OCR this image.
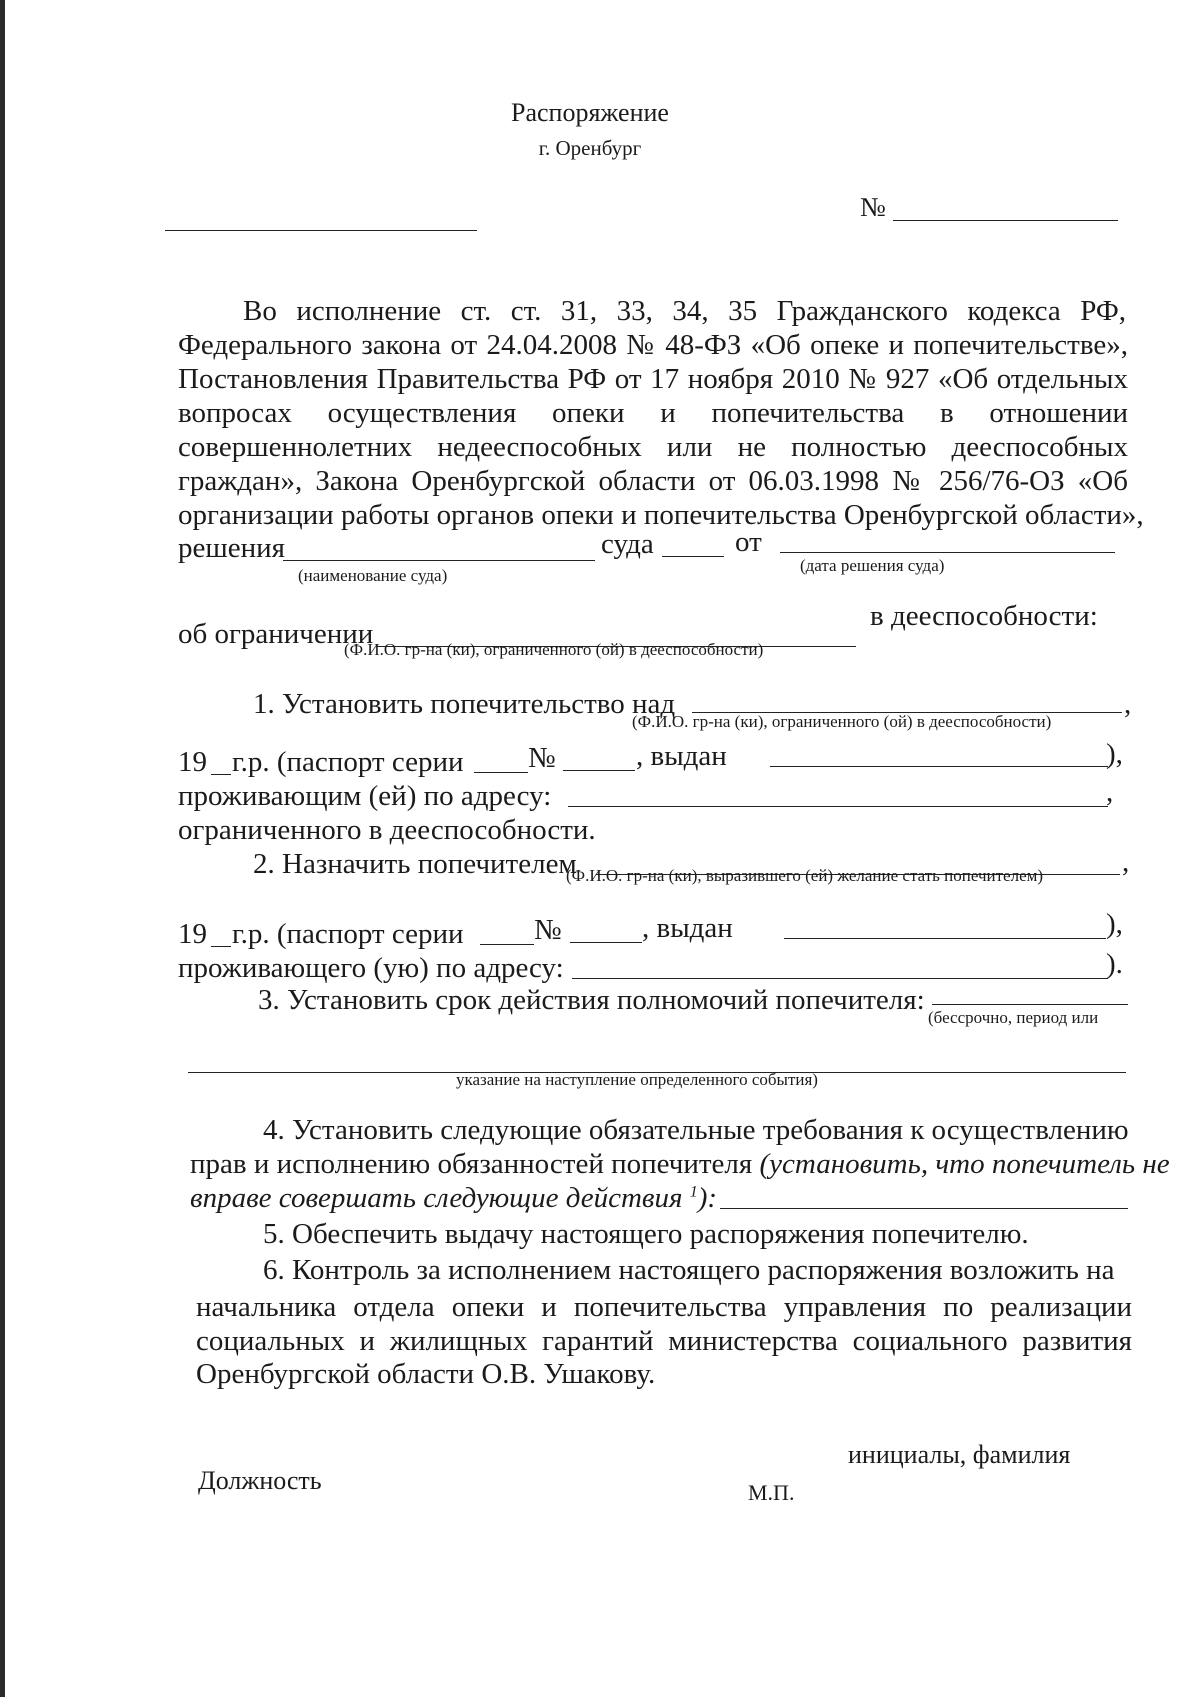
Распоряжение
г. Оренбург
№
Во исполнение ст. ст. 31, 33, 34, 35 Гражданского кодекса РФ,
Федерального закона от 24.04.2008 № 48-ФЗ «Об опеке и попечительстве»,
Постановления Правительства РФ от 17 ноября 2010 № 927 «Об отдельных
вопросах осуществления опеки и попечительства в отношении
совершеннолетних недееспособных или не полностью дееспособных
граждан», Закона Оренбургской области от 06.03.1998 № 256/76-ОЗ «Об
организации работы органов опеки и попечительства Оренбургской области»,
решения	суда	от
(наименование суда)
(дата решения суда)
об ограничении
в дееспособности:
(Ф.И.О. гр-на (ки), ограниченного (ой) в дееспособности)
1. Установить попечительство над	,
(Ф.И.О. гр-на (ки), ограниченного (ой) в дееспособности)
19 г.р. (паспорт серии №	, выдан	),
проживающим (ей) по адресу:	,
ограниченного в дееспособности.
2. Назначить попечителем	,
(Ф.И.О. гр-на (ки), выразившего (ей) желание стать попечителем)
19 г.р. (паспорт серии №	, выдан	),
проживающего (ую) по адресу:	).
3. Установить срок действия полномочий попечителя:
(бессрочно, период или
указание на наступление определенного события)
4. Установить следующие обязательные требования к осуществлению
прав и исполнению обязанностей попечителя (установить, что попечитель не
вправе совершать следующие действия $^1$):
5. Обеспечить выдачу настоящего распоряжения попечителю.
6. Контроль за исполнением настоящего распоряжения возложить на
начальника отдела опеки и попечительства управления по реализации
социальных и жилищных гарантий министерства социального развития
Оренбургской области О.В. Ушакову.
Должность
инициалы, фамилия
М.П.
